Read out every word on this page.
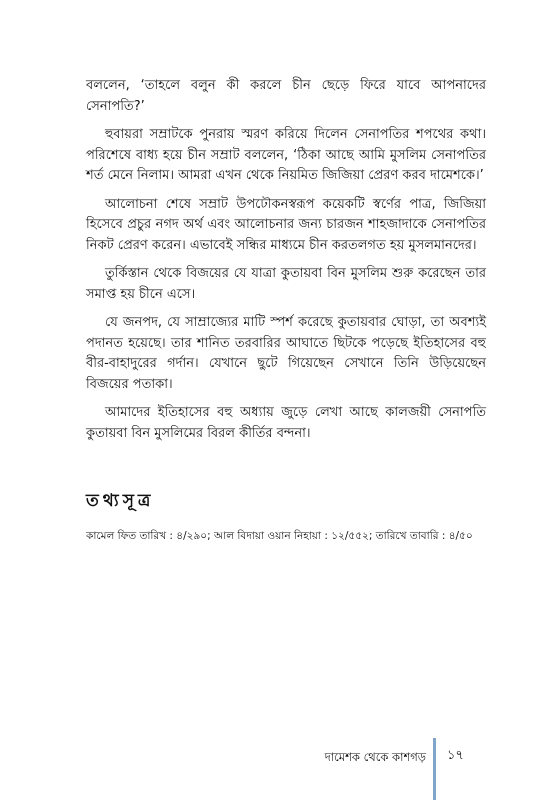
বললেন, ‘তাহলে বলুন কী করলে চীন ছেড়ে ফিরে যাবে আপনাদের সেনাপতি?’

হুবায়রা সম্রাটকে পুনরায় স্মরণ করিয়ে দিলেন সেনাপতির শপথের কথা। পরিশেষে বাধ্য হয়ে চীন সম্রাট বললেন, ‘ঠিকা আছে আমি মুসলিম সেনাপতির শর্ত মেনে নিলাম। আমরা এখন থেকে নিয়মিত জিজিয়া প্রেরণ করব দামেশকে।’

আলোচনা শেষে সম্রাট উপঢৌকনস্বরূপ কয়েকটি স্বর্ণের পাত্র, জিজিয়া হিসেবে প্রচুর নগদ অর্থ এবং আলোচনার জন্য চারজন শাহজাদাকে সেনাপতির নিকট প্রেরণ করেন। এভাবেই সন্ধির মাধ্যমে চীন করতলগত হয় মুসলমানদের।

তুর্কিস্তান থেকে বিজয়ের যে যাত্রা কুতায়বা বিন মুসলিম শুরু করেছেন তার সমাপ্ত হয় চীনে এসে।

যে জনপদ, যে সাম্রাজ্যের মাটি স্পর্শ করেছে কুতায়বার ঘোড়া, তা অবশ্যই পদানত হয়েছে। তার শানিত তরবারির আঘাতে ছিটকে পড়েছে ইতিহাসের বহু বীর-বাহাদুরের গর্দান। যেখানে ছুটে গিয়েছেন সেখানে তিনি উড়িয়েছেন বিজয়ের পতাকা।

আমাদের ইতিহাসের বহু অধ্যায় জুড়ে লেখা আছে কালজয়ী সেনাপতি কুতায়বা বিন মুসলিমের বিরল কীর্তির বন্দনা।

তথ্যসূত্র

কামেল ফিত তারিখ : ৪/২৯০; আল বিদায়া ওয়ান নিহায়া : ১২/৫৫২; তারিখে তাবারি : ৪/৫০

দামেশক থেকে কাশগড় ১৭
